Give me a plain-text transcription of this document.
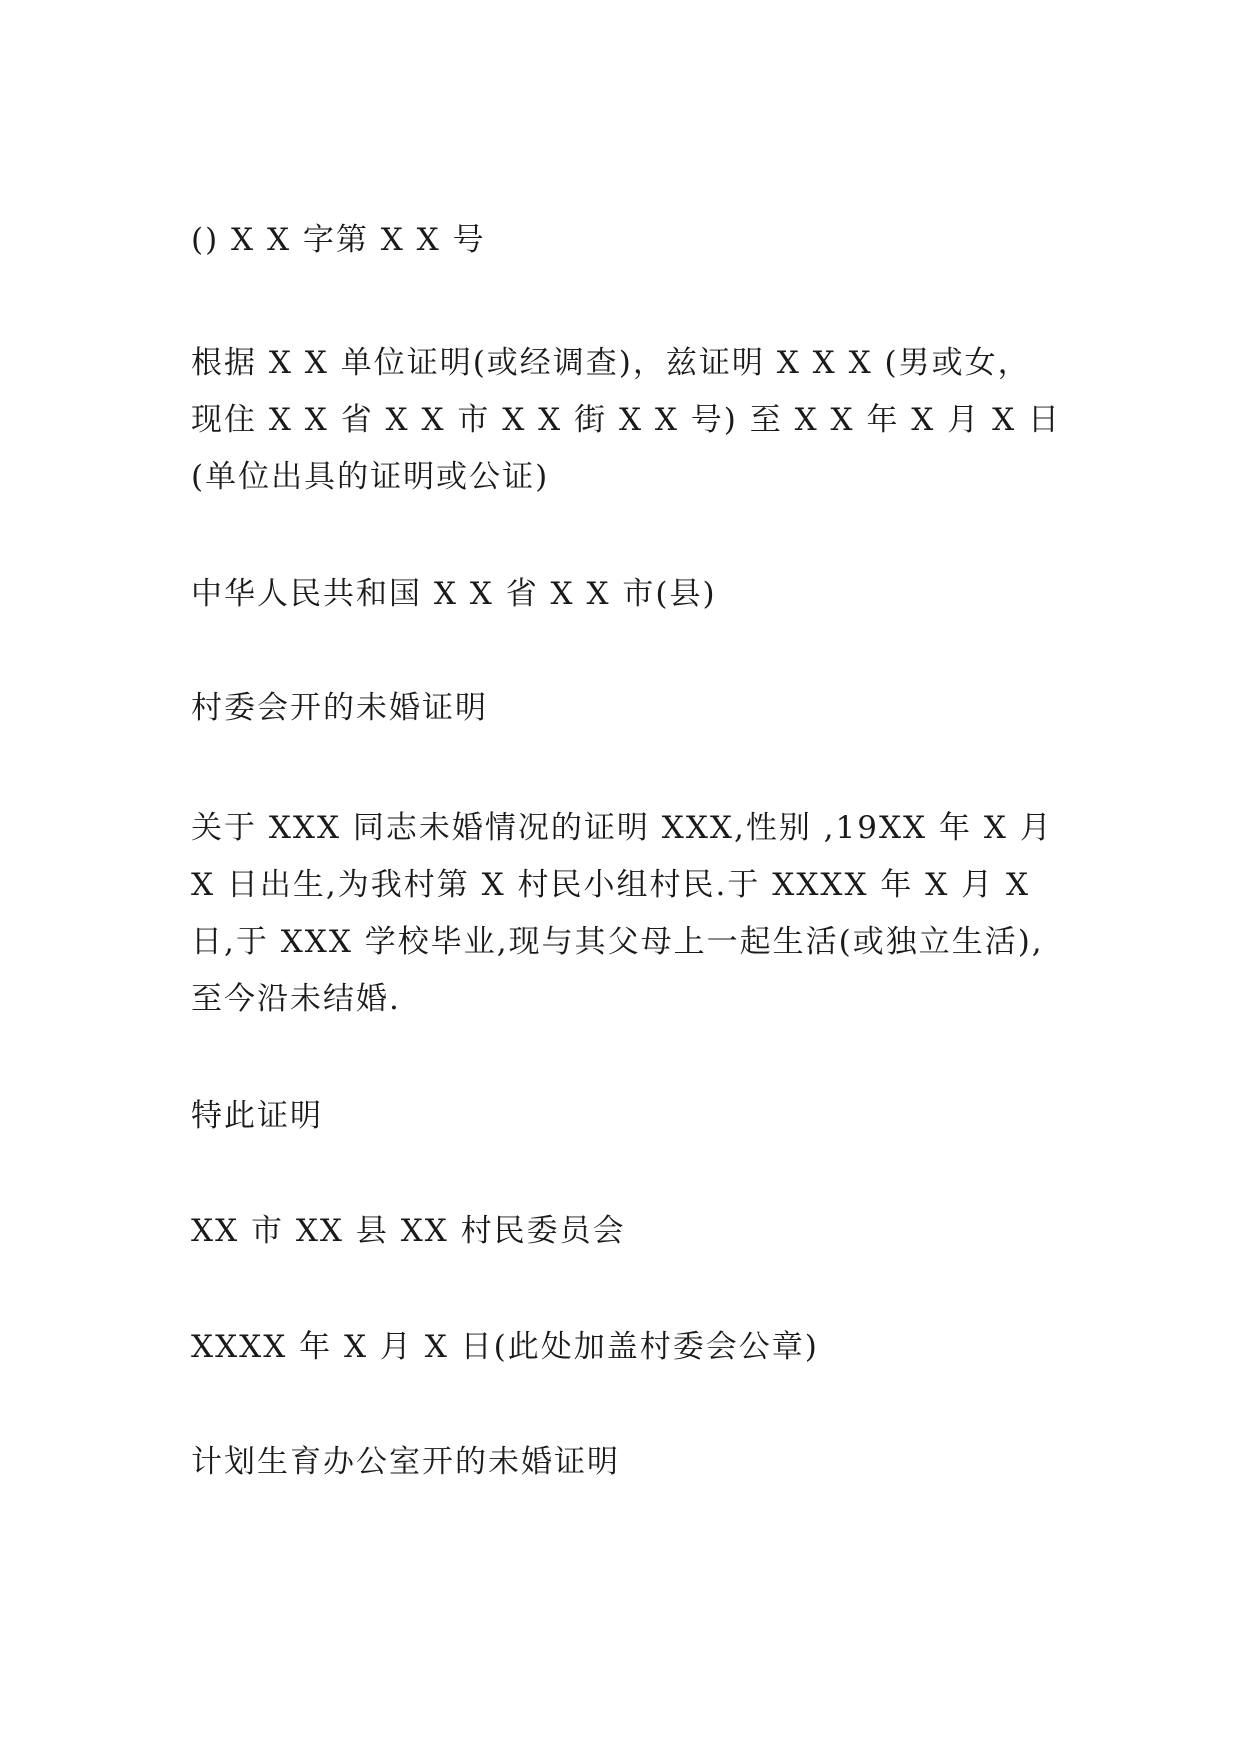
() X X 字第 X X 号

根据 X X 单位证明(或经调查)，兹证明 X X X (男或女，现住 X X 省 X X 市 X X 街 X X 号) 至 X X 年 X 月 X 日 (单位出具的证明或公证)

中华人民共和国 X X 省 X X 市(县)

村委会开的未婚证明

关于 XXX 同志未婚情况的证明 XXX,性别 ,19XX 年 X 月 X 日出生,为我村第 X 村民小组村民.于 XXXX 年 X 月 X 日,于 XXX 学校毕业,现与其父母上一起生活(或独立生活),至今沿未结婚.

特此证明

XX 市 XX 县 XX 村民委员会

XXXX 年 X 月 X 日(此处加盖村委会公章)

计划生育办公室开的未婚证明
